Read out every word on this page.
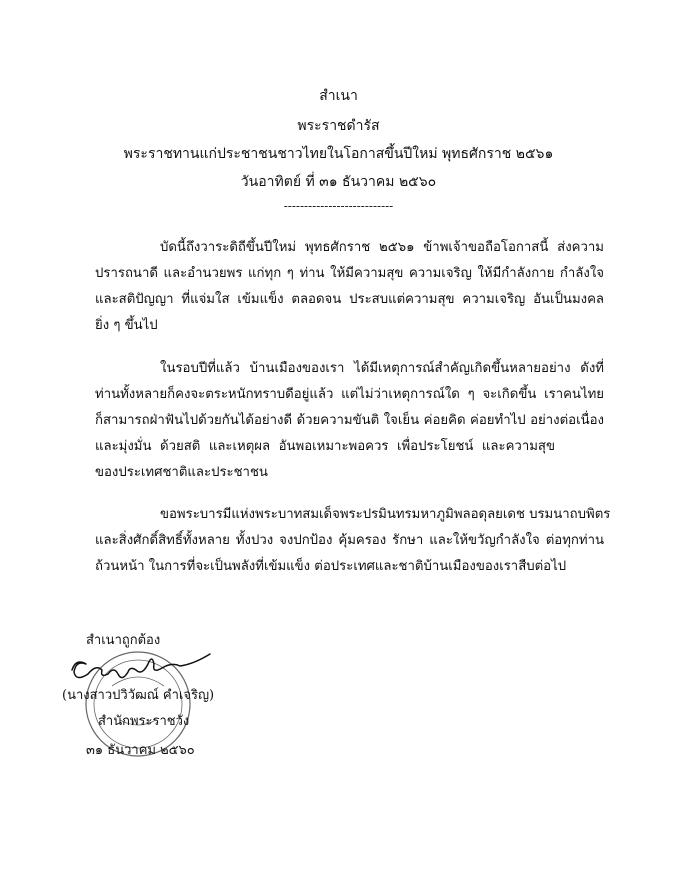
สำเนา
พระราชดำรัส
พระราชทานแก่ประชาชนชาวไทยในโอกาสขึ้นปีใหม่ พุทธศักราช ๒๕๖๑
วันอาทิตย์ ที่ ๓๑ ธันวาคม ๒๕๖๐
---------------------------
บัดนี้ถึงวาระดิถีขึ้นปีใหม่ พุทธศักราช ๒๕๖๑ ข้าพเจ้าขอถือโอกาสนี้ ส่งความ
ปรารถนาดี และอำนวยพร แก่ทุก ๆ ท่าน ให้มีความสุข ความเจริญ ให้มีกำลังกาย กำลังใจ
และสติปัญญา ที่แจ่มใส เข้มแข็ง ตลอดจน ประสบแต่ความสุข ความเจริญ อันเป็นมงคล
ยิ่ง ๆ ขึ้นไป
ในรอบปีที่แล้ว บ้านเมืองของเรา ได้มีเหตุการณ์สำคัญเกิดขึ้นหลายอย่าง ดังที่
ท่านทั้งหลายก็คงจะตระหนักทราบดีอยู่แล้ว แต่ไม่ว่าเหตุการณ์ใด ๆ จะเกิดขึ้น เราคนไทย
ก็สามารถฝ่าฟันไปด้วยกันได้อย่างดี ด้วยความขันติ ใจเย็น ค่อยคิด ค่อยทำไป อย่างต่อเนื่อง
และมุ่งมั่น ด้วยสติ และเหตุผล อันพอเหมาะพอควร เพื่อประโยชน์ และความสุข
ของประเทศชาติและประชาชน
ขอพระบารมีแห่งพระบาทสมเด็จพระปรมินทรมหาภูมิพลอดุลยเดช บรมนาถบพิตร
และสิ่งศักดิ์สิทธิ์ทั้งหลาย ทั้งปวง จงปกป้อง คุ้มครอง รักษา และให้ขวัญกำลังใจ ต่อทุกท่าน
ถ้วนหน้า ในการที่จะเป็นพลังที่เข้มแข็ง ต่อประเทศและชาติบ้านเมืองของเราสืบต่อไป
สำเนาถูกต้อง
(นางสาวปวิวัฒณ์ คำเจริญ)
สำนักพระราชวัง
๓๑ ธันวาคม ๒๕๖๐
